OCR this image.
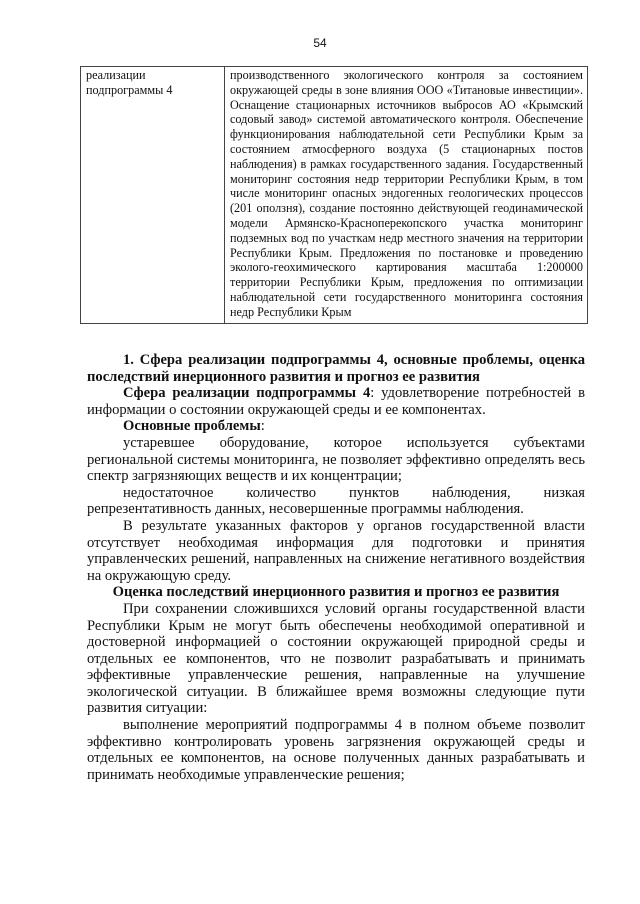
54
реализации подпрограммы 4	производственного экологического контроля за состоянием окружающей среды в зоне влияния ООО «Титановые инвестиции». Оснащение стационарных источников выбросов АО «Крымский содовый завод» системой автоматического контроля. Обеспечение функционирования наблюдательной сети Республики Крым за состоянием атмосферного воздуха (5 стационарных постов наблюдения) в рамках государственного задания. Государственный мониторинг состояния недр территории Республики Крым, в том числе мониторинг опасных эндогенных геологических процессов (201 оползня), создание постоянно действующей геодинамической модели Армянско-Красноперекопского участка мониторинг подземных вод по участкам недр местного значения на территории Республики Крым. Предложения по постановке и проведению эколого-геохимического картирования масштаба 1:200000 территории Республики Крым, предложения по оптимизации наблюдательной сети государственного мониторинга состояния недр Республики Крым

1. Сфера реализации подпрограммы 4, основные проблемы, оценка последствий инерционного развития и прогноз ее развития

Сфера реализации подпрограммы 4: удовлетворение потребностей в информации о состоянии окружающей среды и ее компонентах.

Основные проблемы:

устаревшее оборудование, которое используется субъектами региональной системы мониторинга, не позволяет эффективно определять весь спектр загрязняющих веществ и их концентрации;

недостаточное количество пунктов наблюдения, низкая репрезентативность данных, несовершенные программы наблюдения.

В результате указанных факторов у органов государственной власти отсутствует необходимая информация для подготовки и принятия управленческих решений, направленных на снижение негативного воздействия на окружающую среду.

Оценка последствий инерционного развития и прогноз ее развития

При сохранении сложившихся условий органы государственной власти Республики Крым не могут быть обеспечены необходимой оперативной и достоверной информацией о состоянии окружающей природной среды и отдельных ее компонентов, что не позволит разрабатывать и принимать эффективные управленческие решения, направленные на улучшение экологической ситуации. В ближайшее время возможны следующие пути развития ситуации:

выполнение мероприятий подпрограммы 4 в полном объеме позволит эффективно контролировать уровень загрязнения окружающей среды и отдельных ее компонентов, на основе полученных данных разрабатывать и принимать необходимые управленческие решения;
